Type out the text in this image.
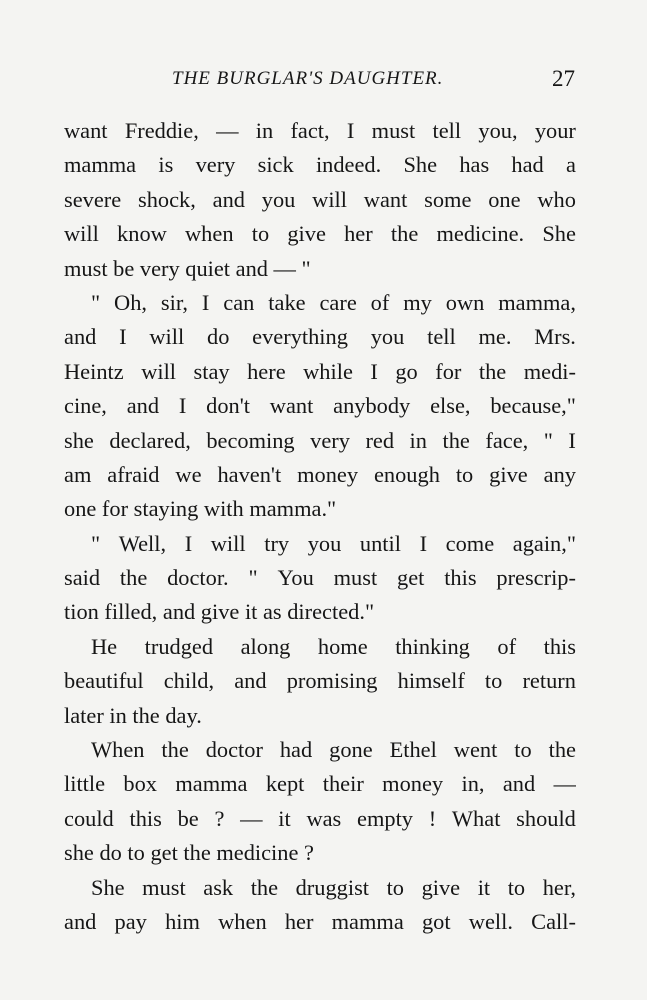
THE BURGLAR'S DAUGHTER.	27
want Freddie, — in fact, I must tell you, your
mamma is very sick indeed. She has had a
severe shock, and you will want some one who
will know when to give her the medicine. She
must be very quiet and — "
" Oh, sir, I can take care of my own mamma,
and I will do everything you tell me. Mrs.
Heintz will stay here while I go for the medi-
cine, and I don't want anybody else, because,"
she declared, becoming very red in the face, " I
am afraid we haven't money enough to give any
one for staying with mamma."
" Well, I will try you until I come again,"
said the doctor. " You must get this prescrip-
tion filled, and give it as directed."
He trudged along home thinking of this
beautiful child, and promising himself to return
later in the day.
When the doctor had gone Ethel went to the
little box mamma kept their money in, and —
could this be ? — it was empty ! What should
she do to get the medicine ?
She must ask the druggist to give it to her,
and pay him when her mamma got well. Call-
